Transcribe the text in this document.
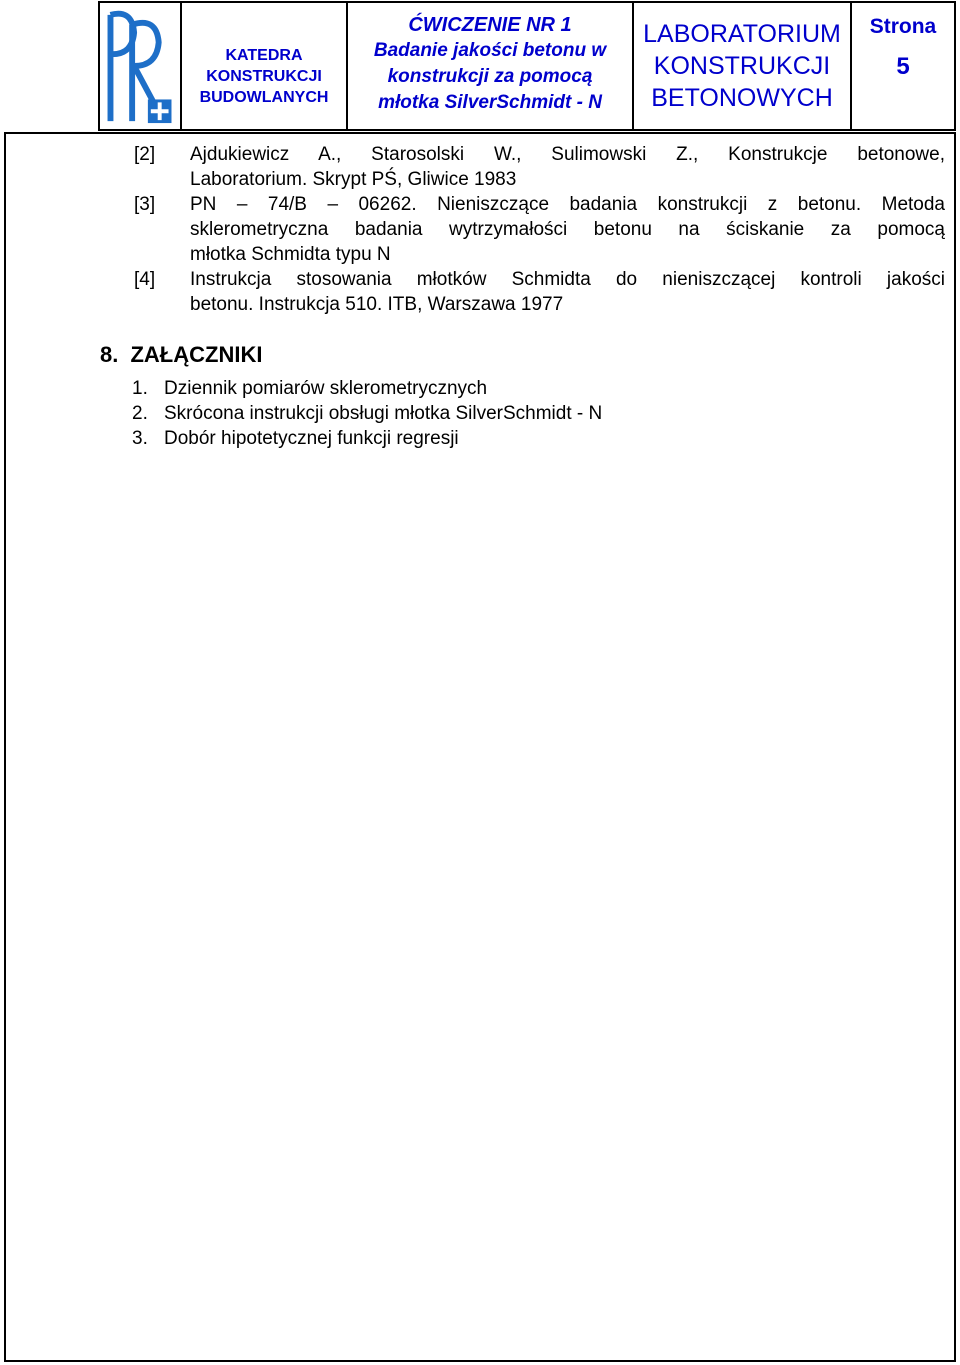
KATEDRA
KONSTRUKCJI
BUDOWLANYCH
ĆWICZENIE NR 1
Badanie jakości betonu w
konstrukcji za pomocą
młotka SilverSchmidt - N
LABORATORIUM
KONSTRUKCJI
BETONOWYCH
Strona
5
[2] Ajdukiewicz A., Starosolski W., Sulimowski Z., Konstrukcje betonowe,
Laboratorium. Skrypt PŚ, Gliwice 1983
[3] PN – 74/B – 06262. Nieniszczące badania konstrukcji z betonu. Metoda
sklerometryczna badania wytrzymałości betonu na ściskanie za pomocą
młotka Schmidta typu N
[4] Instrukcja stosowania młotków Schmidta do nieniszczącej kontroli jakości
betonu. Instrukcja 510. ITB, Warszawa 1977
8. ZAŁĄCZNIKI
1. Dziennik pomiarów sklerometrycznych
2. Skrócona instrukcji obsługi młotka SilverSchmidt - N
3. Dobór hipotetycznej funkcji regresji
